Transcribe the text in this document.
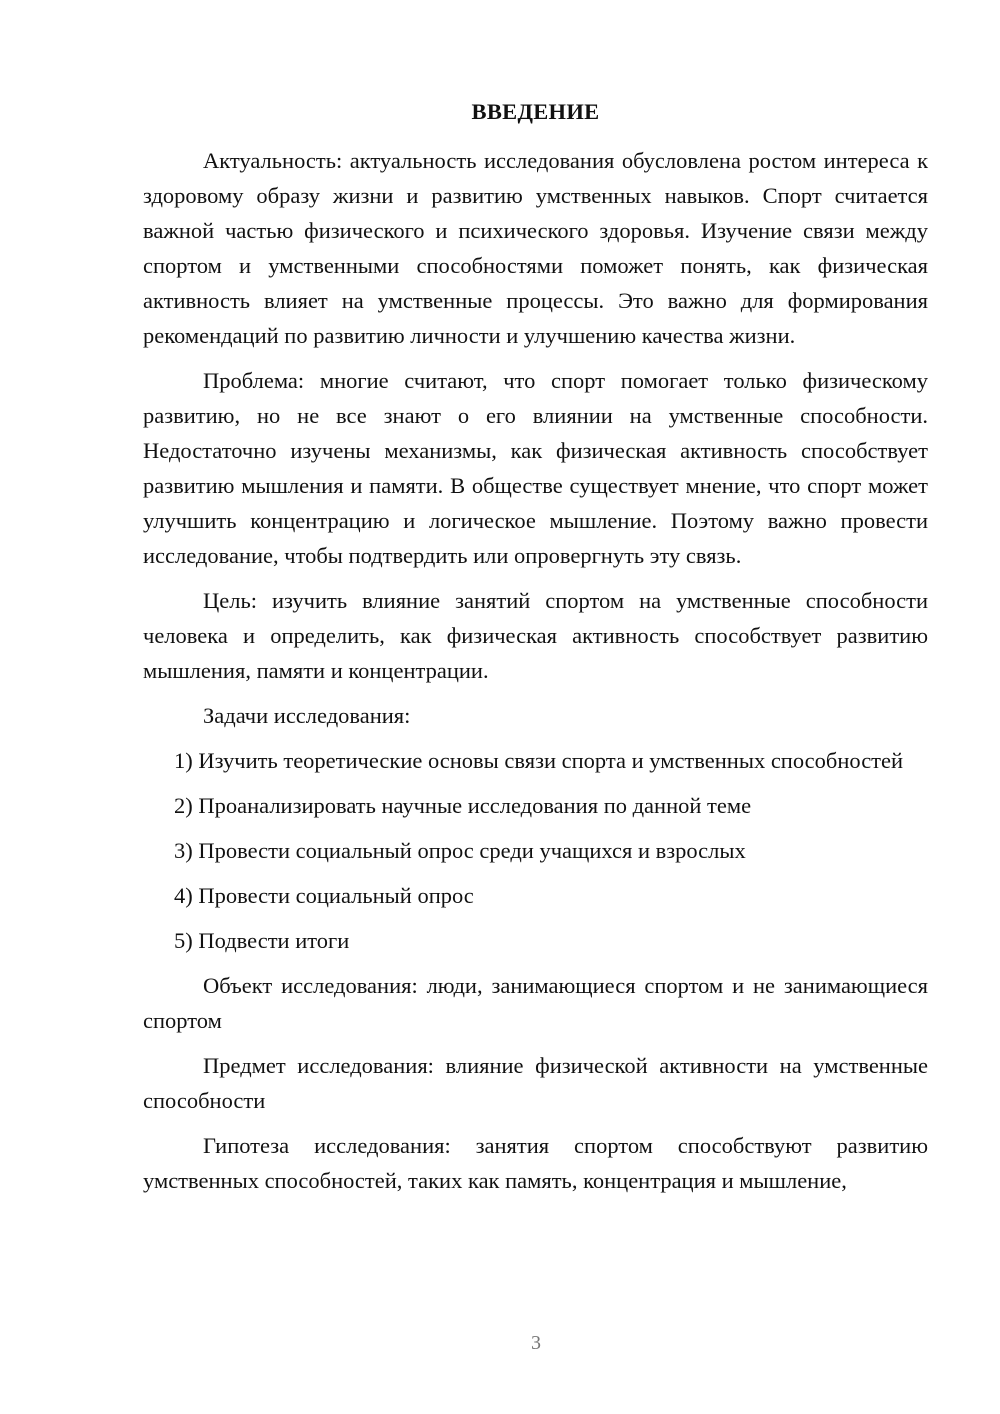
ВВЕДЕНИЕ

Актуальность: актуальность исследования обусловлена ростом интереса к здоровому образу жизни и развитию умственных навыков. Спорт считается важной частью физического и психического здоровья. Изучение связи между спортом и умственными способностями поможет понять, как физическая активность влияет на умственные процессы. Это важно для формирования рекомендаций по развитию личности и улучшению качества жизни.

Проблема: многие считают, что спорт помогает только физическому развитию, но не все знают о его влиянии на умственные способности. Недостаточно изучены механизмы, как физическая активность способствует развитию мышления и памяти. В обществе существует мнение, что спорт может улучшить концентрацию и логическое мышление. Поэтому важно провести исследование, чтобы подтвердить или опровергнуть эту связь.

Цель: изучить влияние занятий спортом на умственные способности человека и определить, как физическая активность способствует развитию мышления, памяти и концентрации.

Задачи исследования:

1) Изучить теоретические основы связи спорта и умственных способностей

2) Проанализировать научные исследования по данной теме

3) Провести социальный опрос среди учащихся и взрослых

4) Провести социальный опрос

5) Подвести итоги

Объект исследования: люди, занимающиеся спортом и не занимающиеся спортом

Предмет исследования: влияние физической активности на умственные способности

Гипотеза исследования: занятия спортом способствуют развитию умственных способностей, таких как память, концентрация и мышление,

3
